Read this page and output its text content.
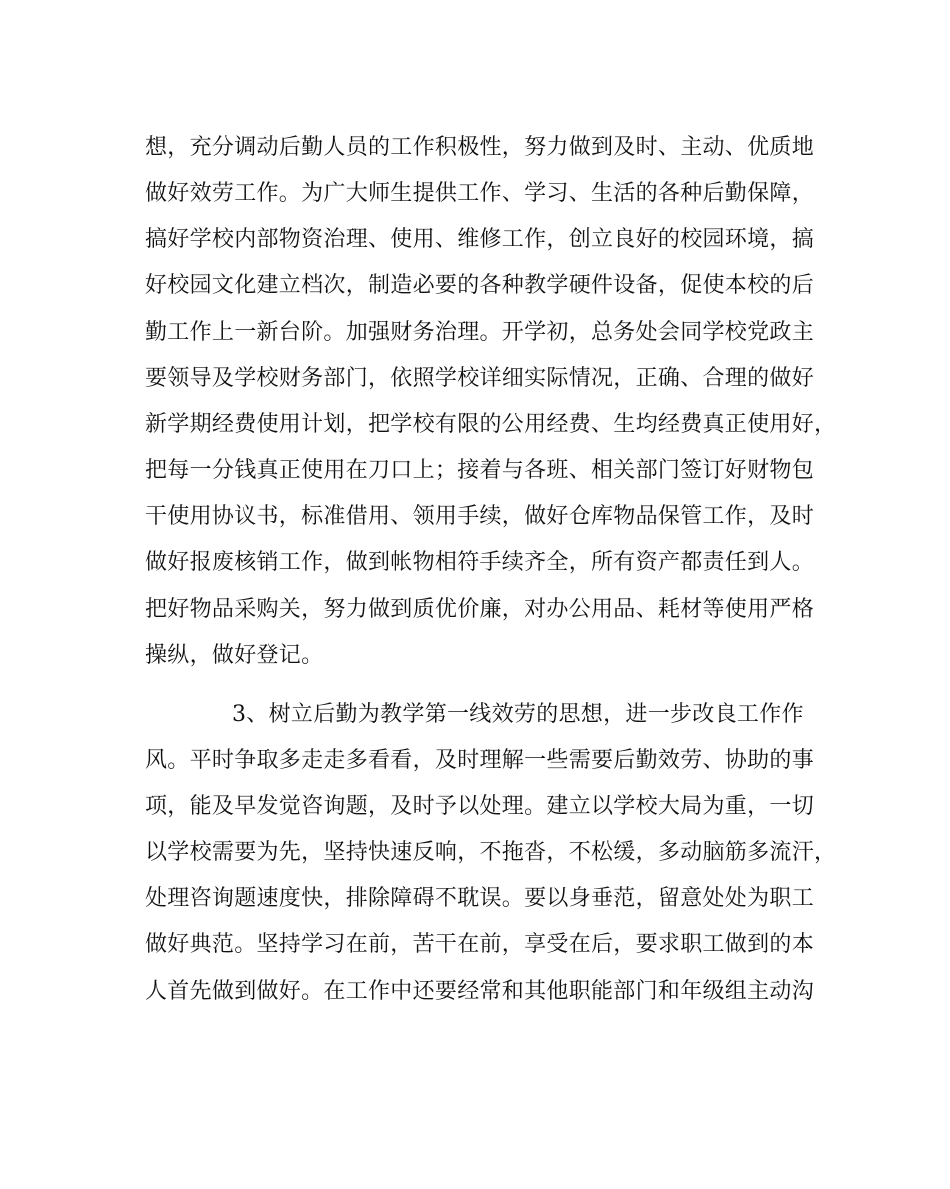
想，充分调动后勤人员的工作积极性，努力做到及时、主动、优质地
做好效劳工作。为广大师生提供工作、学习、生活的各种后勤保障，
搞好学校内部物资治理、使用、维修工作，创立良好的校园环境，搞
好校园文化建立档次，制造必要的各种教学硬件设备，促使本校的后
勤工作上一新台阶。加强财务治理。开学初，总务处会同学校党政主
要领导及学校财务部门，依照学校详细实际情况，正确、合理的做好
新学期经费使用计划，把学校有限的公用经费、生均经费真正使用好，
把每一分钱真正使用在刀口上；接着与各班、相关部门签订好财物包
干使用协议书，标准借用、领用手续，做好仓库物品保管工作，及时
做好报废核销工作，做到帐物相符手续齐全，所有资产都责任到人。
把好物品采购关，努力做到质优价廉，对办公用品、耗材等使用严格
操纵，做好登记。
3、树立后勤为教学第一线效劳的思想，进一步改良工作作
风。平时争取多走走多看看，及时理解一些需要后勤效劳、协助的事
项，能及早发觉咨询题，及时予以处理。建立以学校大局为重，一切
以学校需要为先，坚持快速反响，不拖沓，不松缓，多动脑筋多流汗，
处理咨询题速度快，排除障碍不耽误。要以身垂范，留意处处为职工
做好典范。坚持学习在前，苦干在前，享受在后，要求职工做到的本
人首先做到做好。在工作中还要经常和其他职能部门和年级组主动沟
